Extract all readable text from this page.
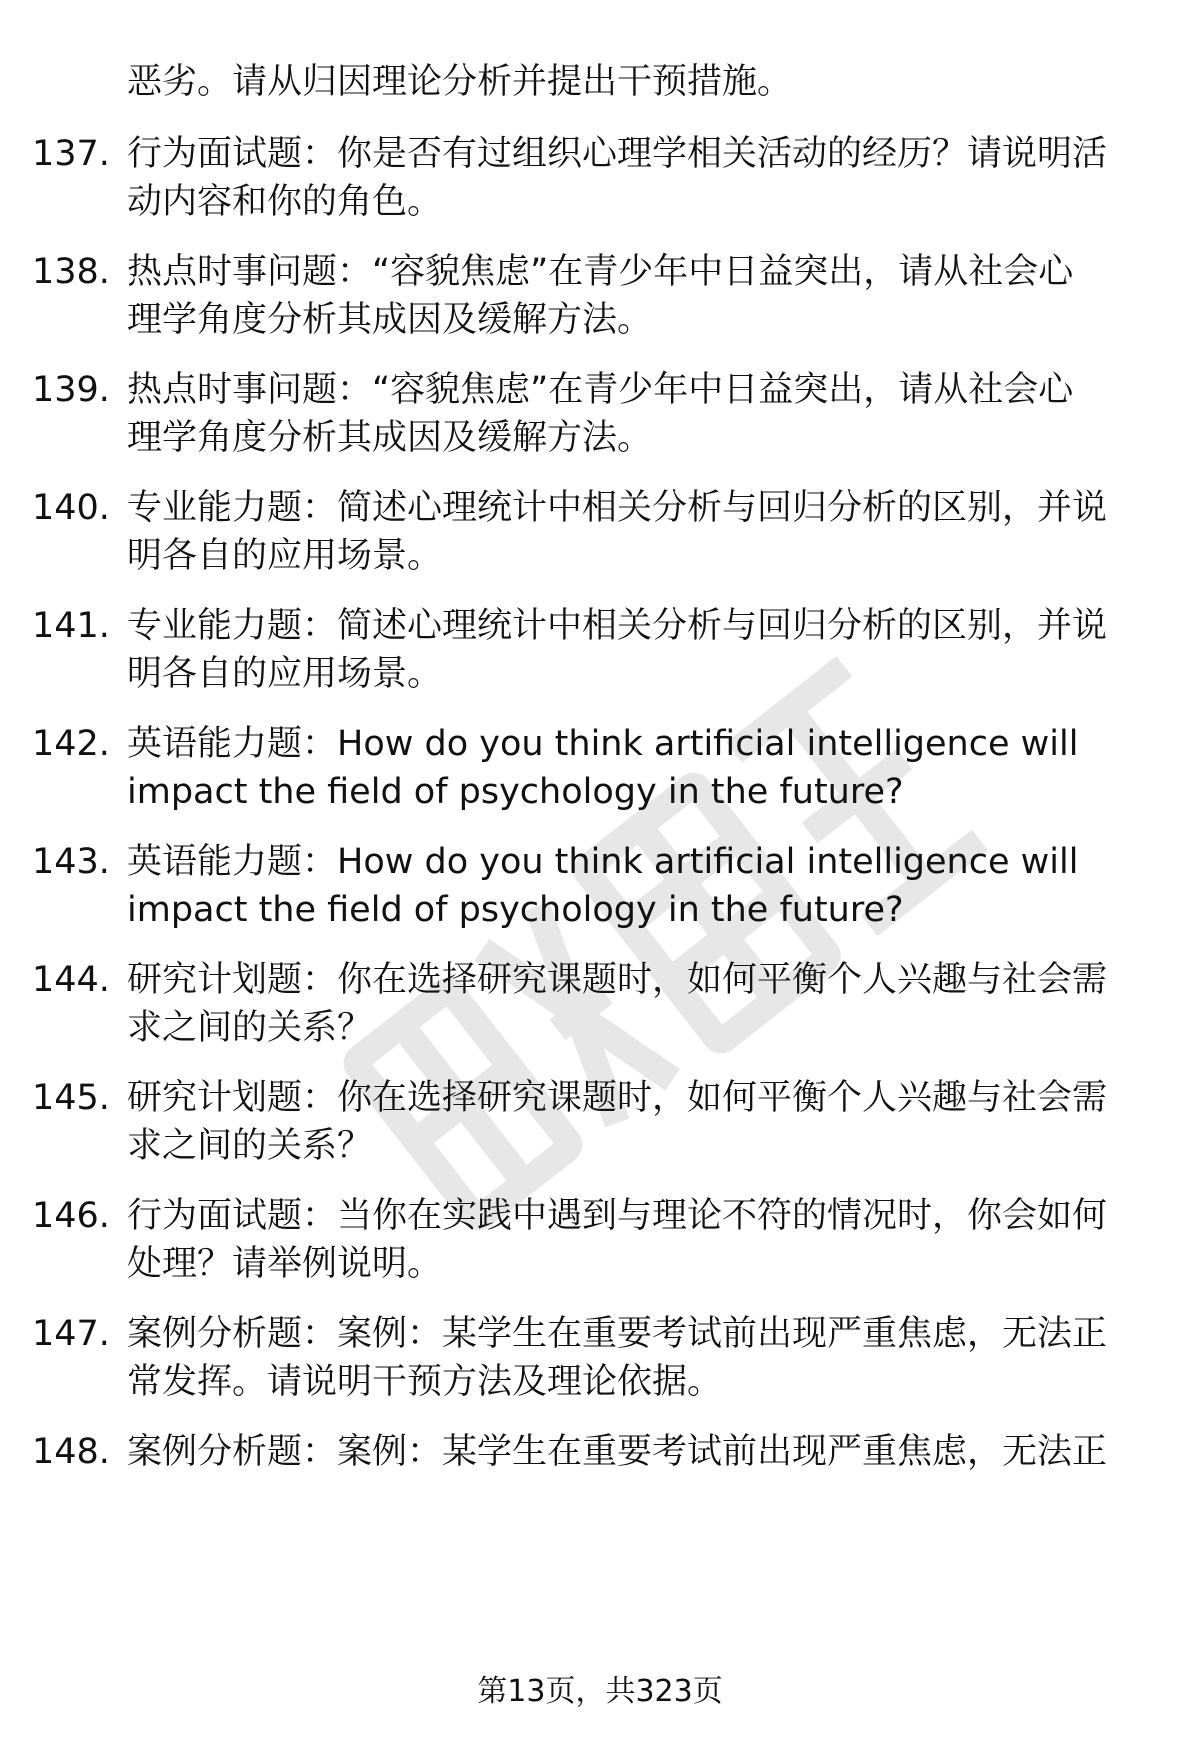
恶劣。请从归因理论分析并提出干预措施。
137. 行为面试题：你是否有过组织心理学相关活动的经历？请说明活
动内容和你的角色。
138. 热点时事问题：“容貌焦虑”在青少年中日益突出，请从社会心
理学角度分析其成因及缓解方法。
139. 热点时事问题：“容貌焦虑”在青少年中日益突出，请从社会心
理学角度分析其成因及缓解方法。
140. 专业能力题：简述心理统计中相关分析与回归分析的区别，并说
明各自的应用场景。
141. 专业能力题：简述心理统计中相关分析与回归分析的区别，并说
明各自的应用场景。
142. 英语能力题：How do you think artificial intelligence will
impact the field of psychology in the future?
143. 英语能力题：How do you think artificial intelligence will
impact the field of psychology in the future?
144. 研究计划题：你在选择研究课题时，如何平衡个人兴趣与社会需
求之间的关系？
145. 研究计划题：你在选择研究课题时，如何平衡个人兴趣与社会需
求之间的关系？
146. 行为面试题：当你在实践中遇到与理论不符的情况时，你会如何
处理？请举例说明。
147. 案例分析题：案例：某学生在重要考试前出现严重焦虑，无法正
常发挥。请说明干预方法及理论依据。
148. 案例分析题：案例：某学生在重要考试前出现严重焦虑，无法正
第13页，共323页
